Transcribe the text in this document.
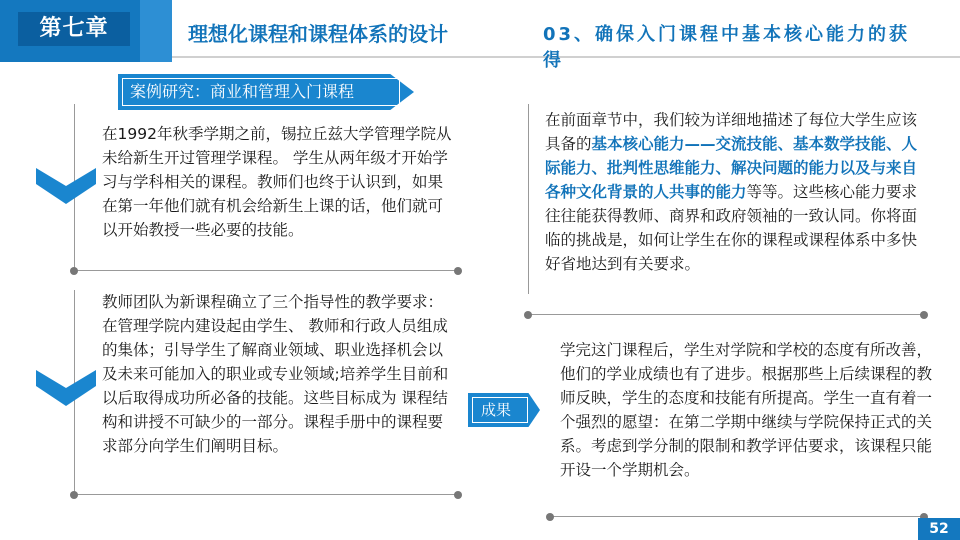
第七章	理想化课程和课程体系的设计	03、确保入门课程中基本核心能力的获得
案例研究：商业和管理入门课程
在1992年秋季学期之前，锡拉丘兹大学管理学院从未给新生开过管理学课程。 学生从两年级才开始学习与学科相关的课程。教师们也终于认识到，如果在第一年他们就有机会给新生上课的话，他们就可以开始教授一些必要的技能。
教师团队为新课程确立了三个指导性的教学要求：在管理学院内建设起由学生、 教师和行政人员组成的集体；引导学生了解商业领域、职业选择机会以及未来可能加入的职业或专业领域;培养学生目前和以后取得成功所必备的技能。这些目标成为 课程结构和讲授不可缺少的一部分。课程手册中的课程要求部分向学生们阐明目标。
在前面章节中，我们较为详细地描述了每位大学生应该具备的基本核心能力——交流技能、基本数学技能、人际能力、批判性思维能力、解决问题的能力以及与来自各种文化背景的人共事的能力等等。这些核心能力要求往往能获得教师、商界和政府领袖的一致认同。你将面临的挑战是，如何让学生在你的课程或课程体系中多快好省地达到有关要求。
成果
学完这门课程后，学生对学院和学校的态度有所改善，他们的学业成绩也有了进步。根据那些上后续课程的教师反映，学生的态度和技能有所提高。学生一直有着一个强烈的愿望：在第二学期中继续与学院保持正式的关系。考虑到学分制的限制和教学评估要求，该课程只能开设一个学期机会。
52
